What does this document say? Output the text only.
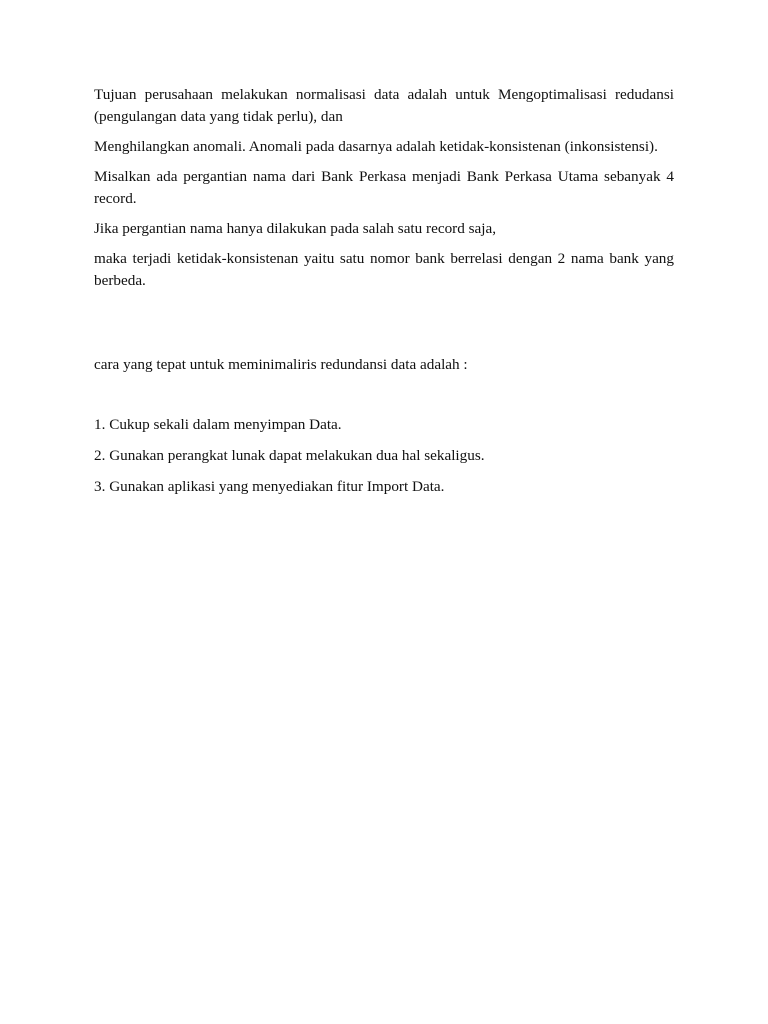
Tujuan perusahaan melakukan normalisasi data adalah untuk Mengoptimalisasi redudansi (pengulangan data yang tidak perlu), dan

Menghilangkan anomali. Anomali pada dasarnya adalah ketidak-konsistenan (inkonsistensi).

Misalkan ada pergantian nama dari Bank Perkasa menjadi Bank Perkasa Utama sebanyak 4 record.

Jika pergantian nama hanya dilakukan pada salah satu record saja,

maka terjadi ketidak-konsistenan yaitu satu nomor bank berrelasi dengan 2 nama bank yang berbeda.

cara yang tepat untuk meminimaliris redundansi data adalah :

1. Cukup sekali dalam menyimpan Data.

2. Gunakan perangkat lunak dapat melakukan dua hal sekaligus.

3. Gunakan aplikasi yang menyediakan fitur Import Data.
